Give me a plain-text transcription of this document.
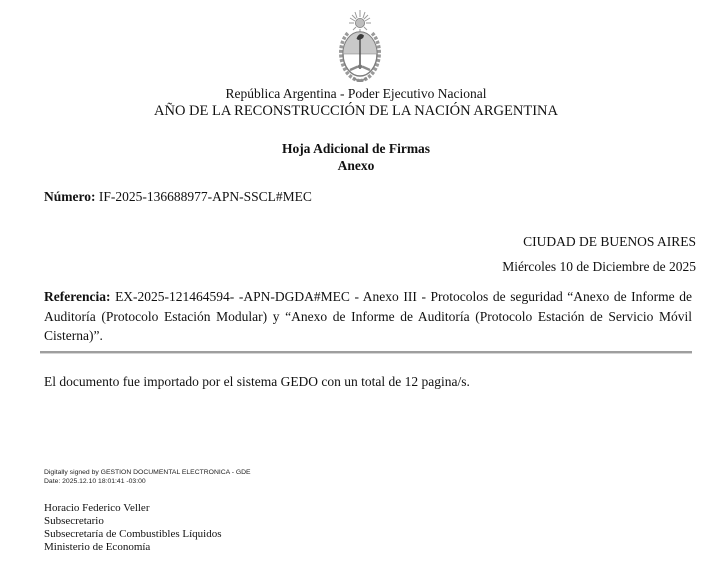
República Argentina - Poder Ejecutivo Nacional
AÑO DE LA RECONSTRUCCIÓN DE LA NACIÓN ARGENTINA
Hoja Adicional de Firmas
Anexo
Número: IF-2025-136688977-APN-SSCL#MEC
CIUDAD DE BUENOS AIRES
Miércoles 10 de Diciembre de 2025
Referencia: EX-2025-121464594- -APN-DGDA#MEC - Anexo III - Protocolos de seguridad “Anexo de Informe de Auditoría (Protocolo Estación Modular) y “Anexo de Informe de Auditoría (Protocolo Estación de Servicio Móvil Cisterna)”.
El documento fue importado por el sistema GEDO con un total de 12 pagina/s.
Digitally signed by GESTION DOCUMENTAL ELECTRONICA - GDE
Date: 2025.12.10 18:01:41 -03:00
Horacio Federico Veller
Subsecretario
Subsecretaría de Combustibles Líquidos
Ministerio de Economía
